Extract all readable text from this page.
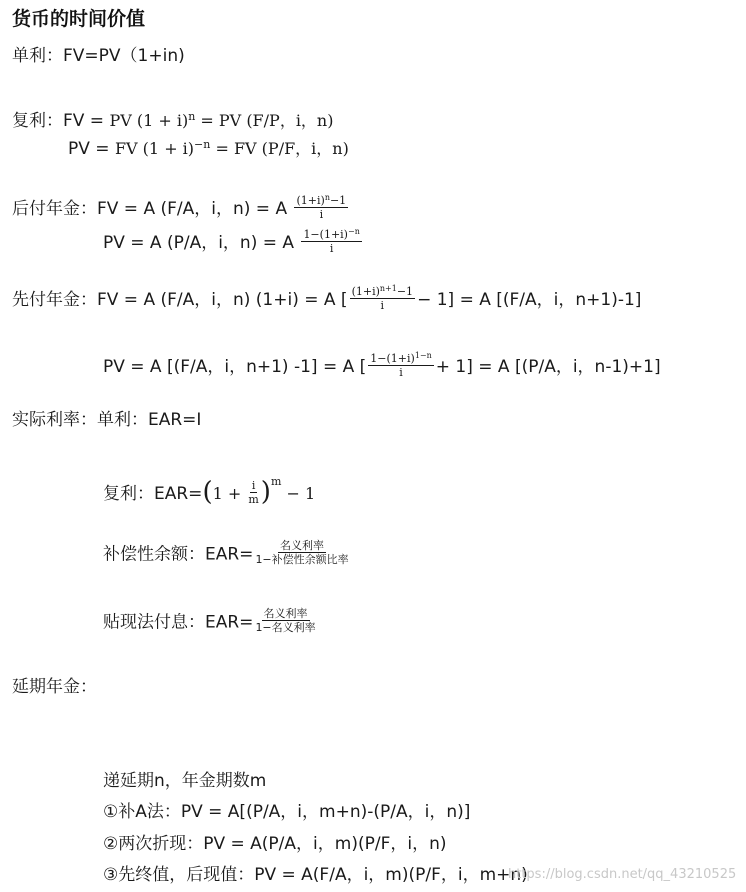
货币的时间价值
单利：FV=PV（1+in)
复利：FV = PV $(1 + i)^n$ = PV (F/P，i，n)
PV = FV $(1 + i)^{-n}$ = FV (P/F，i，n)
后付年金：FV = A (F/A，i，n) = A $\frac{(1+i)^n-1}{i}$
PV = A (P/A，i，n) = A $\frac{1-(1+i)^{-n}}{i}$
先付年金：FV = A (F/A，i，n) (1+i) = A [ $\frac{(1+i)^{n+1}-1}{i} - 1] = A$ [(F/A，i，n+1)-1]
PV = A [(F/A，i，n+1) -1] = A [ $\frac{1-(1+i)^{1-n}}{i} + 1] = A$ [(P/A，i，n-1)+1]
实际利率：单利：EAR=I
复利：$EAR=(1 + \frac{i}{m} )^m - 1$
补偿性余额：$EAR= \frac{\text{名义利率}}{\text{1−补偿性余额比率}}$
贴现法付息：$EAR= \frac{\text{名义利率}}{\text{1−名义利率}}$
延期年金：
递延期n，年金期数m
①补A法：PV = A[(P/A，i，m+n)-(P/A，i，n)]
②两次折现：PV = A(P/A，i，m)(P/F，i，n)
③先终值，后现值：PV = A(F/A，i，m)(P/F，i，m+n)
https://blog.csdn.net/qq_43210525
